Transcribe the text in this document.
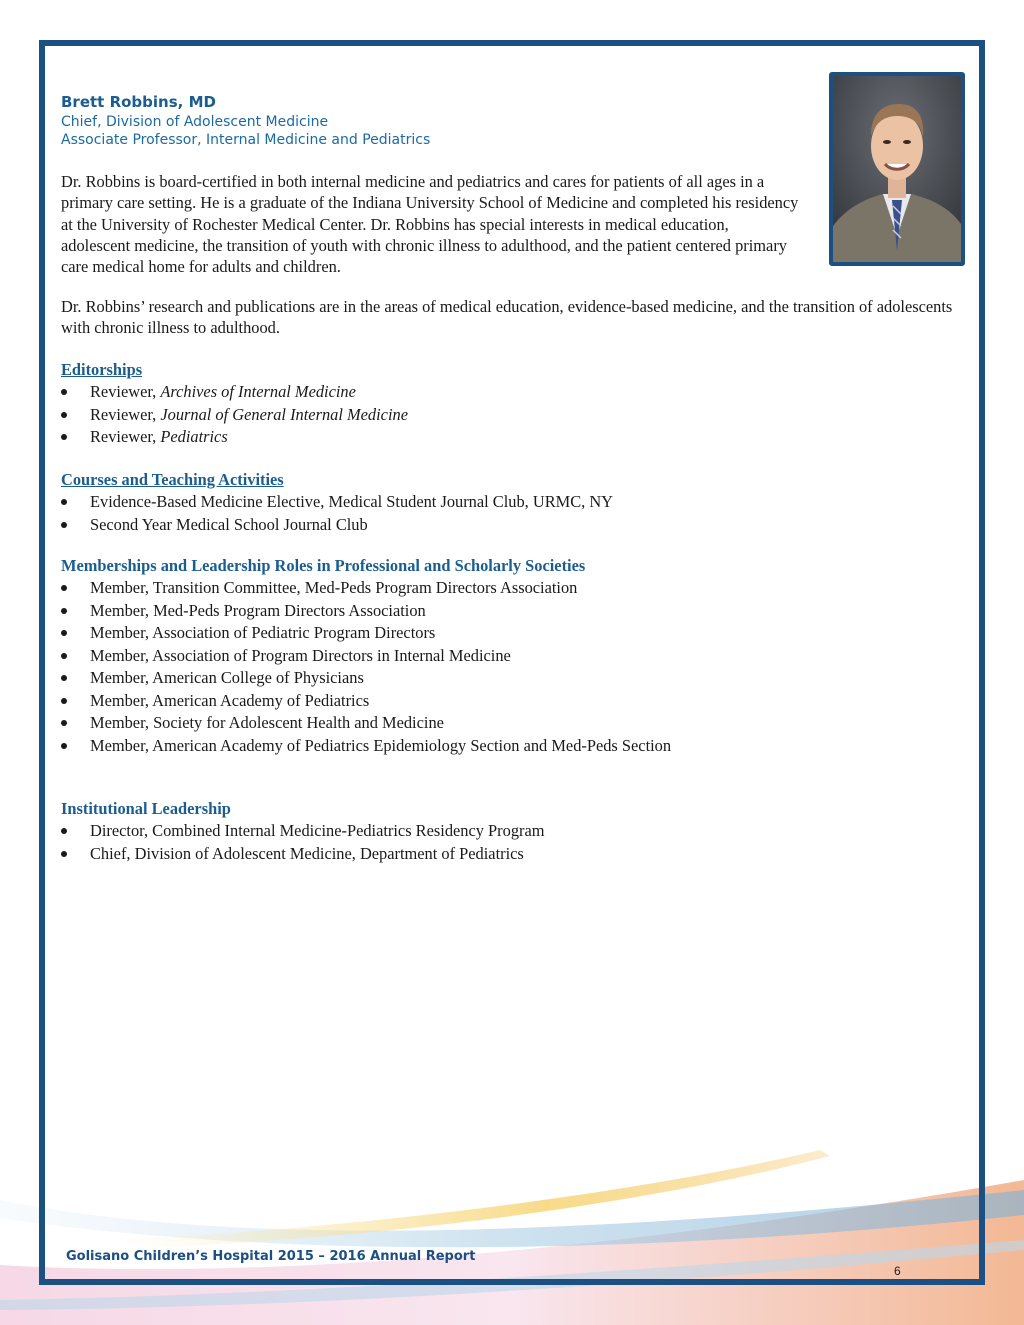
Brett Robbins, MD
Chief, Division of Adolescent Medicine
Associate Professor, Internal Medicine and Pediatrics

Dr. Robbins is board-certified in both internal medicine and pediatrics and cares for patients of all ages in a primary care setting. He is a graduate of the Indiana University School of Medicine and completed his residency at the University of Rochester Medical Center. Dr. Robbins has special interests in medical education, adolescent medicine, the transition of youth with chronic illness to adulthood, and the patient centered primary care medical home for adults and children.

Dr. Robbins’ research and publications are in the areas of medical education, evidence-based medicine, and the transition of adolescents with chronic illness to adulthood.

Editorships
Reviewer, Archives of Internal Medicine
Reviewer, Journal of General Internal Medicine
Reviewer, Pediatrics
Courses and Teaching Activities
Evidence-Based Medicine Elective, Medical Student Journal Club, URMC, NY
Second Year Medical School Journal Club
Memberships and Leadership Roles in Professional and Scholarly Societies
Member, Transition Committee, Med-Peds Program Directors Association
Member, Med-Peds Program Directors Association
Member, Association of Pediatric Program Directors
Member, Association of Program Directors in Internal Medicine
Member, American College of Physicians
Member, American Academy of Pediatrics
Member, Society for Adolescent Health and Medicine
Member, American Academy of Pediatrics Epidemiology Section and Med-Peds Section
Institutional Leadership
Director, Combined Internal Medicine-Pediatrics Residency Program
Chief, Division of Adolescent Medicine, Department of Pediatrics
Golisano Children’s Hospital 2015 – 2016 Annual Report
6
